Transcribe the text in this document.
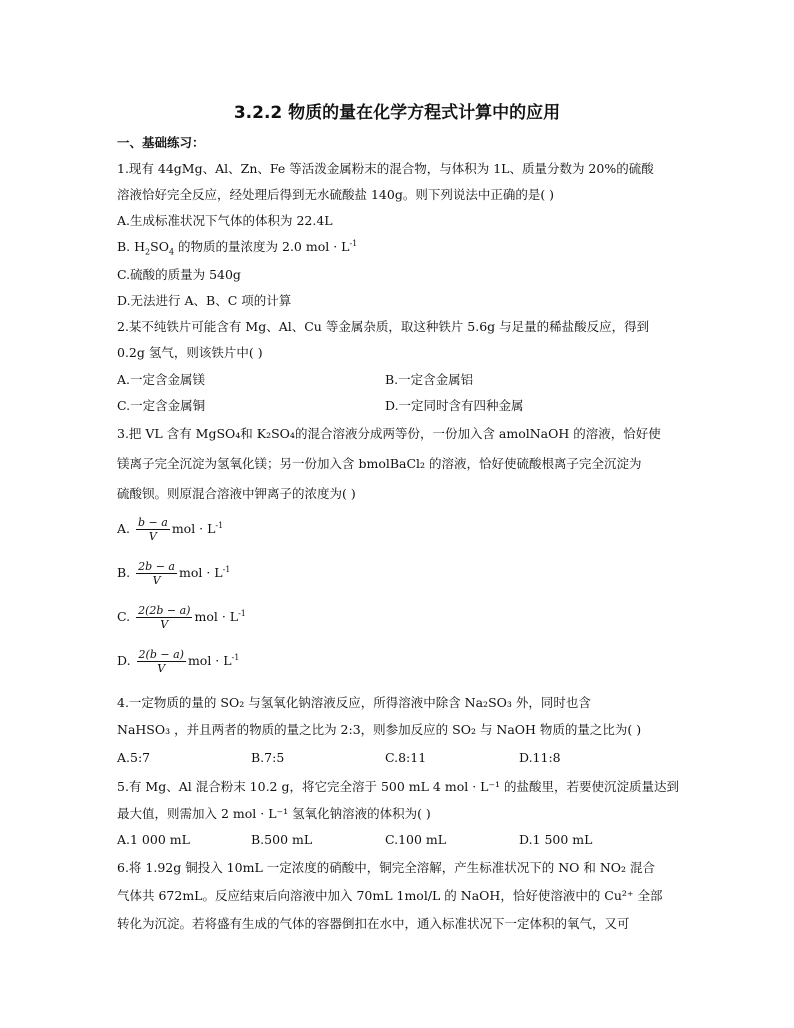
3.2.2 物质的量在化学方程式计算中的应用
一、基础练习：
1.现有 44gMg、Al、Zn、Fe 等活泼金属粉末的混合物，与体积为 1L、质量分数为 20%的硫酸
溶液恰好完全反应，经处理后得到无水硫酸盐 140g。则下列说法中正确的是( )
A.生成标准状况下气体的体积为 22.4L
B. $H_2SO_4$ 的物质的量浓度为 2.0 mol · $L^{-1}$
C.硫酸的质量为 540g
D.无法进行 A、B、C 项的计算
2.某不纯铁片可能含有 Mg、Al、Cu 等金属杂质，取这种铁片 5.6g 与足量的稀盐酸反应，得到
0.2g 氢气，则该铁片中( )
A.一定含金属镁	B.一定含金属铝
C.一定含金属铜	D.一定同时含有四种金属
3.把 VL 含有 MgSO₄和 K₂SO₄的混合溶液分成两等份，一份加入含 amolNaOH 的溶液，恰好使
镁离子完全沉淀为氢氧化镁；另一份加入含 bmolBaCl₂ 的溶液，恰好使硫酸根离子完全沉淀为
硫酸钡。则原混合溶液中钾离子的浓度为( )
A. $\frac{b - a}{V}$ mol · $L^{-1}$
B. $\frac{2b - a}{V}$ mol · $L^{-1}$
C. $\frac{2(2b - a)}{V}$ mol · $L^{-1}$
D. $\frac{2(b - a)}{V}$ mol · $L^{-1}$
4.一定物质的量的 SO₂ 与氢氧化钠溶液反应，所得溶液中除含 Na₂SO₃ 外，同时也含
NaHSO₃ ，并且两者的物质的量之比为 2:3，则参加反应的 SO₂ 与 NaOH 物质的量之比为( )
A.5:7	B.7:5	C.8:11	D.11:8
5.有 Mg、Al 混合粉末 10.2 g，将它完全溶于 500 mL 4 mol · L⁻¹ 的盐酸里，若要使沉淀质量达到
最大值，则需加入 2 mol · L⁻¹ 氢氧化钠溶液的体积为( )
A.1 000 mL	B.500 mL	C.100 mL	D.1 500 mL
6.将 1.92g 铜投入 10mL 一定浓度的硝酸中，铜完全溶解，产生标准状况下的 NO 和 NO₂ 混合
气体共 672mL。反应结束后向溶液中加入 70mL 1mol/L 的 NaOH，恰好使溶液中的 Cu²⁺ 全部
转化为沉淀。若将盛有生成的气体的容器倒扣在水中，通入标准状况下一定体积的氧气，又可
